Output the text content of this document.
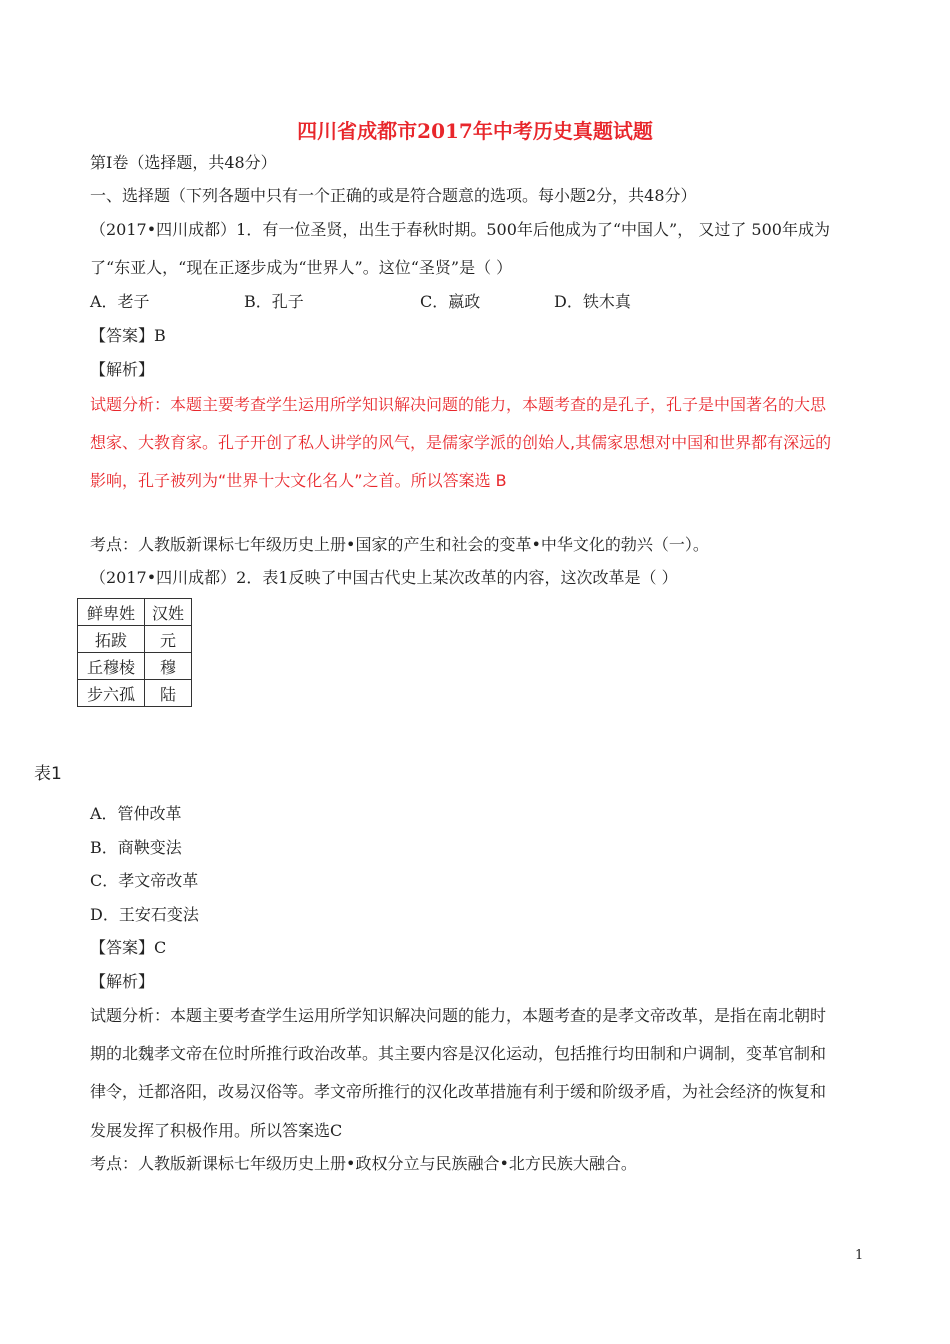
四川省成都市2017年中考历史真题试题
第Ⅰ卷（选择题，共48分）
一、选择题（下列各题中只有一个正确的或是符合题意的选项。每小题2分，共48分）
（2017•四川成都）1．有一位圣贤，出生于春秋时期。500年后他成为了“中国人”， 又过了 500年成为
了“东亚人，“现在正逐步成为“世界人”。这位“圣贤”是（ ）
A．老子	B．孔子	C．嬴政	D．铁木真
【答案】B
【解析】
试题分析：本题主要考查学生运用所学知识解决问题的能力，本题考查的是孔子，孔子是中国著名的大思
想家、大教育家。孔子开创了私人讲学的风气，是儒家学派的创始人,其儒家思想对中国和世界都有深远的
影响，孔子被列为“世界十大文化名人”之首。所以答案选 B
考点：人教版新课标七年级历史上册•国家的产生和社会的变革•中华文化的勃兴（一）。
（2017•四川成都）2．表1反映了中国古代史上某次改革的内容，这次改革是（ ）
鲜卑姓	汉姓
拓跋	元
丘穆棱	穆
步六孤	陆
表1
A．管仲改革
B．商鞅变法
C．孝文帝改革
D．王安石变法
【答案】C
【解析】
试题分析：本题主要考查学生运用所学知识解决问题的能力，本题考查的是孝文帝改革，是指在南北朝时
期的北魏孝文帝在位时所推行政治改革。其主要内容是汉化运动，包括推行均田制和户调制，变革官制和
律令，迁都洛阳，改易汉俗等。孝文帝所推行的汉化改革措施有利于缓和阶级矛盾，为社会经济的恢复和
发展发挥了积极作用。所以答案选C
考点：人教版新课标七年级历史上册•政权分立与民族融合•北方民族大融合。
1
